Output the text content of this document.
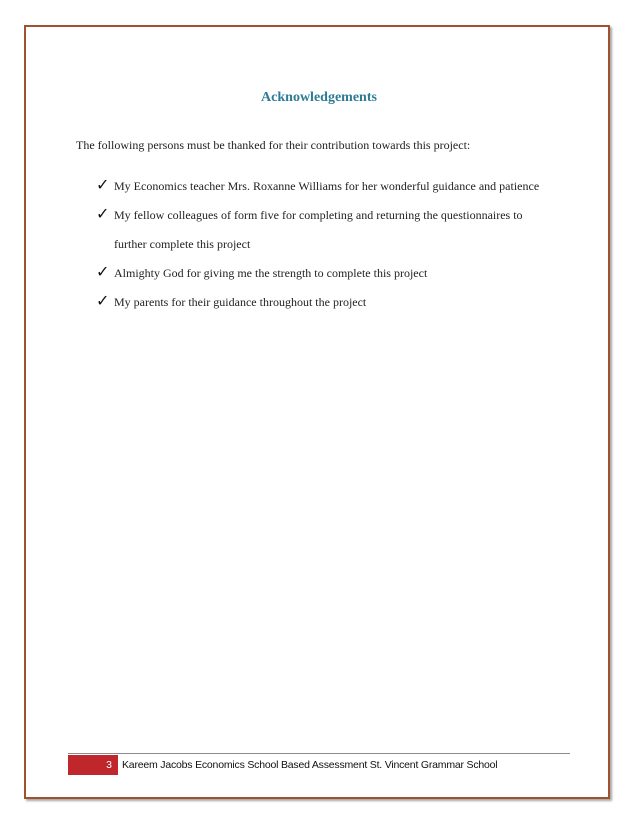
Acknowledgements
The following persons must be thanked for their contribution towards this project:
✓ My Economics teacher Mrs. Roxanne Williams for her wonderful guidance and patience
✓ My fellow colleagues of form five for completing and returning the questionnaires to
further complete this project
✓ Almighty God for giving me the strength to complete this project
✓ My parents for their guidance throughout the project
3 Kareem Jacobs Economics School Based Assessment St. Vincent Grammar School
